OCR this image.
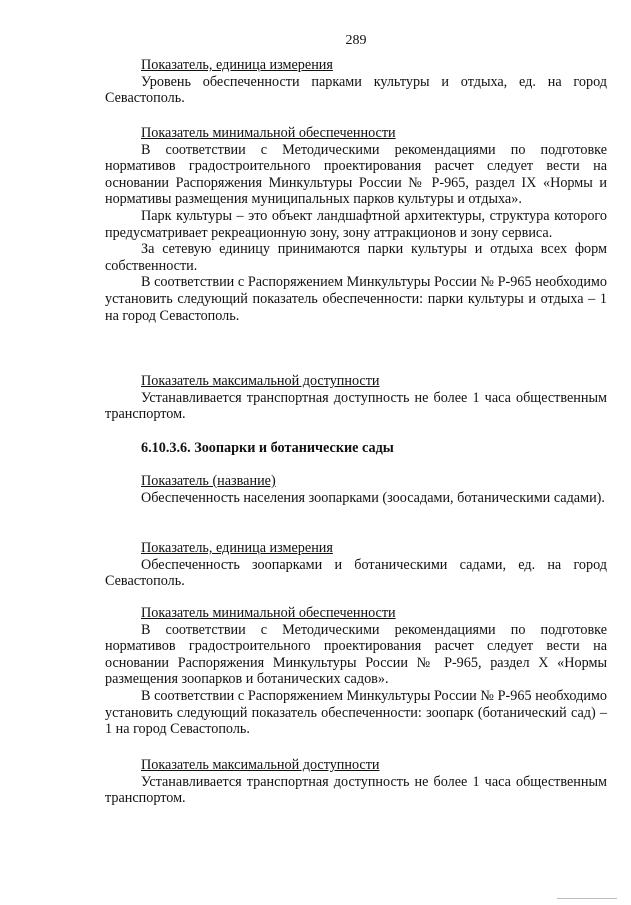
289
Показатель, единица измерения
Уровень обеспеченности парками культуры и отдыха, ед. на город Севастополь.
Показатель минимальной обеспеченности
В соответствии с Методическими рекомендациями по подготовке нормативов градостроительного проектирования расчет следует вести на основании Распоряжения Минкультуры России № Р-965, раздел IX «Нормы и нормативы размещения муниципальных парков культуры и отдыха».
Парк культуры – это объект ландшафтной архитектуры, структура которого предусматривает рекреационную зону, зону аттракционов и зону сервиса.
За сетевую единицу принимаются парки культуры и отдыха всех форм собственности.
В соответствии с Распоряжением Минкультуры России № Р-965 необходимо установить следующий показатель обеспеченности: парки культуры и отдыха – 1 на город Севастополь.
Показатель максимальной доступности
Устанавливается транспортная доступность не более 1 часа общественным транспортом.
6.10.3.6. Зоопарки и ботанические сады
Показатель (название)
Обеспеченность населения зоопарками (зоосадами, ботаническими садами).
Показатель, единица измерения
Обеспеченность зоопарками и ботаническими садами, ед. на город Севастополь.
Показатель минимальной обеспеченности
В соответствии с Методическими рекомендациями по подготовке нормативов градостроительного проектирования расчет следует вести на основании Распоряжения Минкультуры России № Р-965, раздел X «Нормы размещения зоопарков и ботанических садов».
В соответствии с Распоряжением Минкультуры России № Р-965 необходимо установить следующий показатель обеспеченности: зоопарк (ботанический сад) – 1 на город Севастополь.
Показатель максимальной доступности
Устанавливается транспортная доступность не более 1 часа общественным транспортом.
